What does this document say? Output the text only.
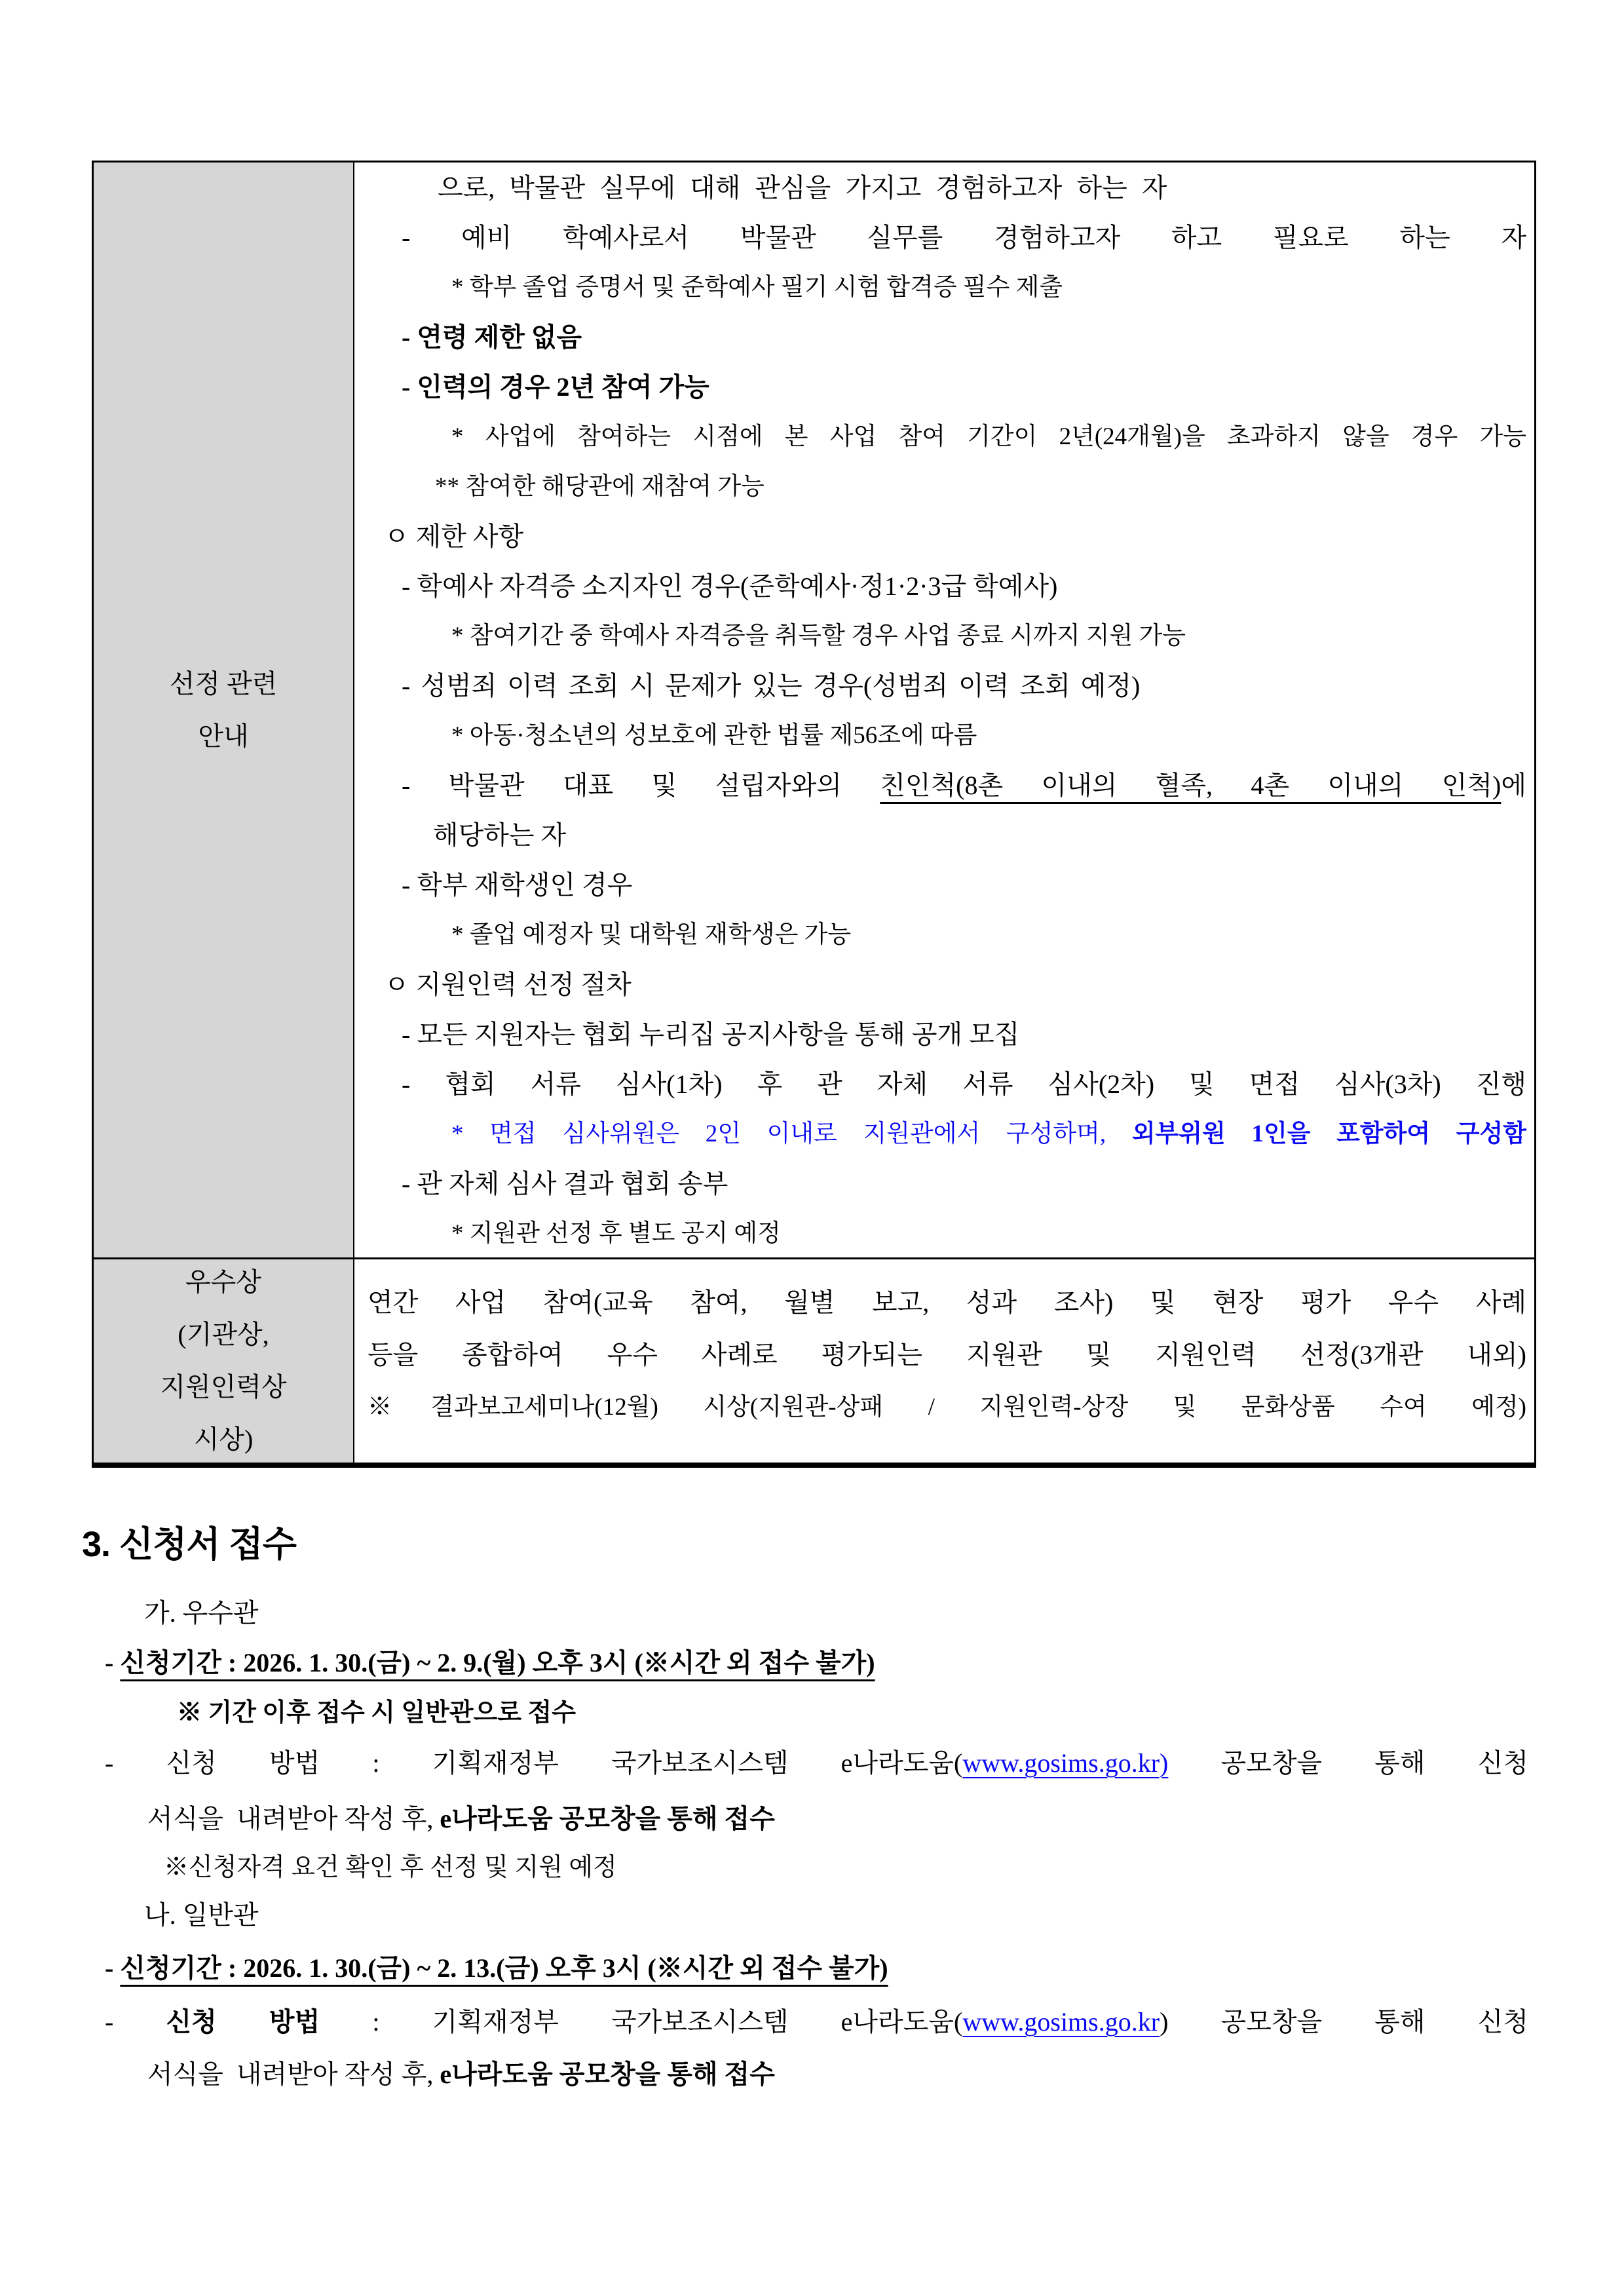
선정 관련
안내
으로, 박물관 실무에 대해 관심을 가지고 경험하고자 하는 자
- 예비 학예사로서 박물관 실무를 경험하고자 하고 필요로 하는 자
* 학부 졸업 증명서 및 준학예사 필기 시험 합격증 필수 제출
- 연령 제한 없음
- 인력의 경우 2년 참여 가능
* 사업에 참여하는 시점에 본 사업 참여 기간이 2년(24개월)을 초과하지 않을 경우 가능
** 참여한 해당관에 재참여 가능
ㅇ 제한 사항
- 학예사 자격증 소지자인 경우(준학예사·정1·2·3급 학예사)
* 참여기간 중 학예사 자격증을 취득할 경우 사업 종료 시까지 지원 가능
- 성범죄 이력 조회 시 문제가 있는 경우(성범죄 이력 조회 예정)
* 아동·청소년의 성보호에 관한 법률 제56조에 따름
- 박물관 대표 및 설립자와의 친인척(8촌 이내의 혈족, 4촌 이내의 인척)에
해당하는 자
- 학부 재학생인 경우
* 졸업 예정자 및 대학원 재학생은 가능
ㅇ 지원인력 선정 절차
- 모든 지원자는 협회 누리집 공지사항을 통해 공개 모집
- 협회 서류 심사(1차) 후 관 자체 서류 심사(2차) 및 면접 심사(3차) 진행
* 면접 심사위원은 2인 이내로 지원관에서 구성하며, 외부위원 1인을 포함하여 구성함
- 관 자체 심사 결과 협회 송부
* 지원관 선정 후 별도 공지 예정
우수상
(기관상,
지원인력상
시상)
연간 사업 참여(교육 참여, 월별 보고, 성과 조사) 및 현장 평가 우수 사례
등을 종합하여 우수 사례로 평가되는 지원관 및 지원인력 선정(3개관 내외)
※결과보고세미나(12월) 시상(지원관-상패 / 지원인력-상장 및 문화상품 수여 예정)
3. 신청서 접수
가. 우수관
- 신청기간 : 2026. 1. 30.(금) ~ 2. 9.(월) 오후 3시 (※시간 외 접수 불가)
※ 기간 이후 접수 시 일반관으로 접수
- 신청 방법 : 기획재정부 국가보조시스템 e나라도움(www.gosims.go.kr) 공모창을 통해 신청
서식을  내려받아 작성 후, e나라도움 공모창을 통해 접수
※신청자격 요건 확인 후 선정 및 지원 예정
나. 일반관
- 신청기간 : 2026. 1. 30.(금) ~ 2. 13.(금) 오후 3시 (※시간 외 접수 불가)
- 신청 방법 : 기획재정부 국가보조시스템 e나라도움(www.gosims.go.kr) 공모창을 통해 신청
서식을  내려받아 작성 후, e나라도움 공모창을 통해 접수
